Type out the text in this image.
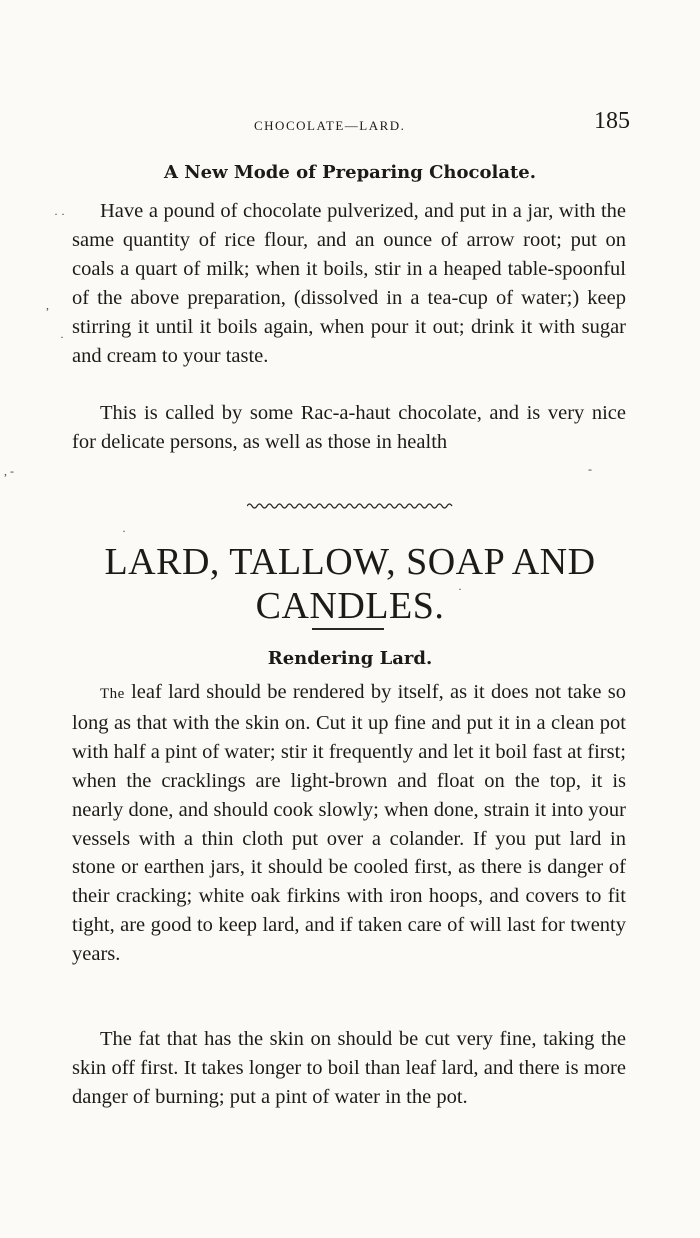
CHOCOLATE—LARD.	185
A New Mode of Preparing Chocolate.

Have a pound of chocolate pulverized, and put in a jar, with the same quantity of rice flour, and an ounce of arrow root; put on coals a quart of milk; when it boils, stir in a heaped table-spoonful of the above preparation, (dissolved in a tea-cup of water;) keep stirring it until it boils again, when pour it out; drink it with sugar and cream to your taste.

This is called by some Rac-a-haut chocolate, and is very nice for delicate persons, as well as those in health

LARD, TALLOW, SOAP AND
CANDLES.
Rendering Lard.

The leaf lard should be rendered by itself, as it does not take so long as that with the skin on. Cut it up fine and put it in a clean pot with half a pint of water; stir it frequently and let it boil fast at first; when the cracklings are light-brown and float on the top, it is nearly done, and should cook slowly; when done, strain it into your vessels with a thin cloth put over a colander. If you put lard in stone or earthen jars, it should be cooled first, as there is danger of their cracking; white oak firkins with iron hoops, and covers to fit tight, are good to keep lard, and if taken care of will last for twenty years.

The fat that has the skin on should be cut very fine, taking the skin off first. It takes longer to boil than leaf lard, and there is more danger of burning; put a pint of water in the pot.

· ·
,
·
, ‐	-
·
·
